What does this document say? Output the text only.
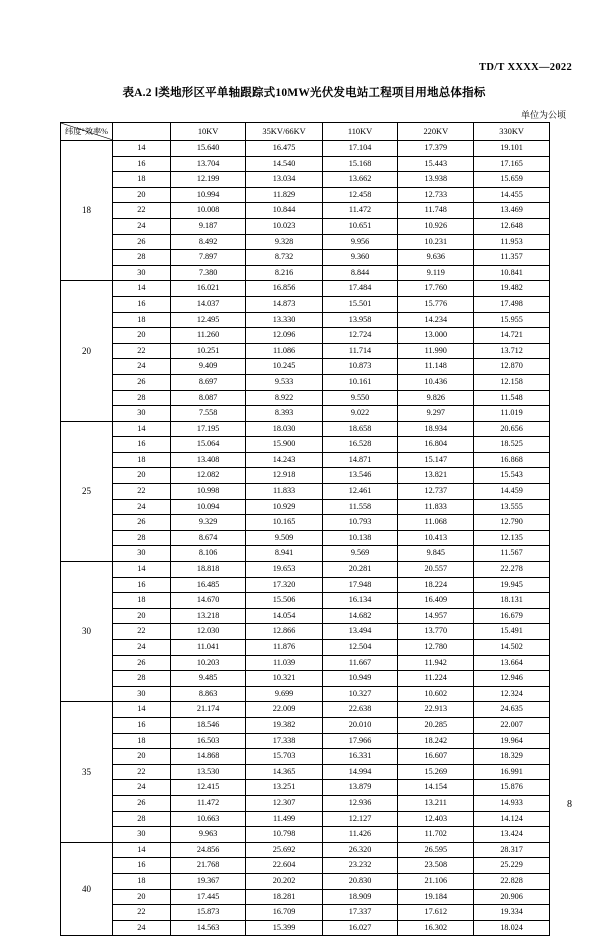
TD/T XXXX—2022
表A.2 Ⅰ类地形区平单轴跟踪式10MW光伏发电站工程项目用地总体指标
单位为公顷
效率%
纬度°		10KV	35KV/66KV	110KV	220KV	330KV
18	14	15.640	16.475	17.104	17.379	19.101
	16	13.704	14.540	15.168	15.443	17.165
	18	12.199	13.034	13.662	13.938	15.659
	20	10.994	11.829	12.458	12.733	14.455
	22	10.008	10.844	11.472	11.748	13.469
	24	9.187	10.023	10.651	10.926	12.648
	26	8.492	9.328	9.956	10.231	11.953
	28	7.897	8.732	9.360	9.636	11.357
	30	7.380	8.216	8.844	9.119	10.841
20	14	16.021	16.856	17.484	17.760	19.482
	16	14.037	14.873	15.501	15.776	17.498
	18	12.495	13.330	13.958	14.234	15.955
	20	11.260	12.096	12.724	13.000	14.721
	22	10.251	11.086	11.714	11.990	13.712
	24	9.409	10.245	10.873	11.148	12.870
	26	8.697	9.533	10.161	10.436	12.158
	28	8.087	8.922	9.550	9.826	11.548
	30	7.558	8.393	9.022	9.297	11.019
25	14	17.195	18.030	18.658	18.934	20.656
	16	15.064	15.900	16.528	16.804	18.525
	18	13.408	14.243	14.871	15.147	16.868
	20	12.082	12.918	13.546	13.821	15.543
	22	10.998	11.833	12.461	12.737	14.459
	24	10.094	10.929	11.558	11.833	13.555
	26	9.329	10.165	10.793	11.068	12.790
	28	8.674	9.509	10.138	10.413	12.135
	30	8.106	8.941	9.569	9.845	11.567
30	14	18.818	19.653	20.281	20.557	22.278
	16	16.485	17.320	17.948	18.224	19.945
	18	14.670	15.506	16.134	16.409	18.131
	20	13.218	14.054	14.682	14.957	16.679
	22	12.030	12.866	13.494	13.770	15.491
	24	11.041	11.876	12.504	12.780	14.502
	26	10.203	11.039	11.667	11.942	13.664
	28	9.485	10.321	10.949	11.224	12.946
	30	8.863	9.699	10.327	10.602	12.324
35	14	21.174	22.009	22.638	22.913	24.635
	16	18.546	19.382	20.010	20.285	22.007
	18	16.503	17.338	17.966	18.242	19.964
	20	14.868	15.703	16.331	16.607	18.329
	22	13.530	14.365	14.994	15.269	16.991
	24	12.415	13.251	13.879	14.154	15.876
	26	11.472	12.307	12.936	13.211	14.933
	28	10.663	11.499	12.127	12.403	14.124
	30	9.963	10.798	11.426	11.702	13.424
40	14	24.856	25.692	26.320	26.595	28.317
	16	21.768	22.604	23.232	23.508	25.229
	18	19.367	20.202	20.830	21.106	22.828
	20	17.445	18.281	18.909	19.184	20.906
	22	15.873	16.709	17.337	17.612	19.334
	24	14.563	15.399	16.027	16.302	18.024
8
